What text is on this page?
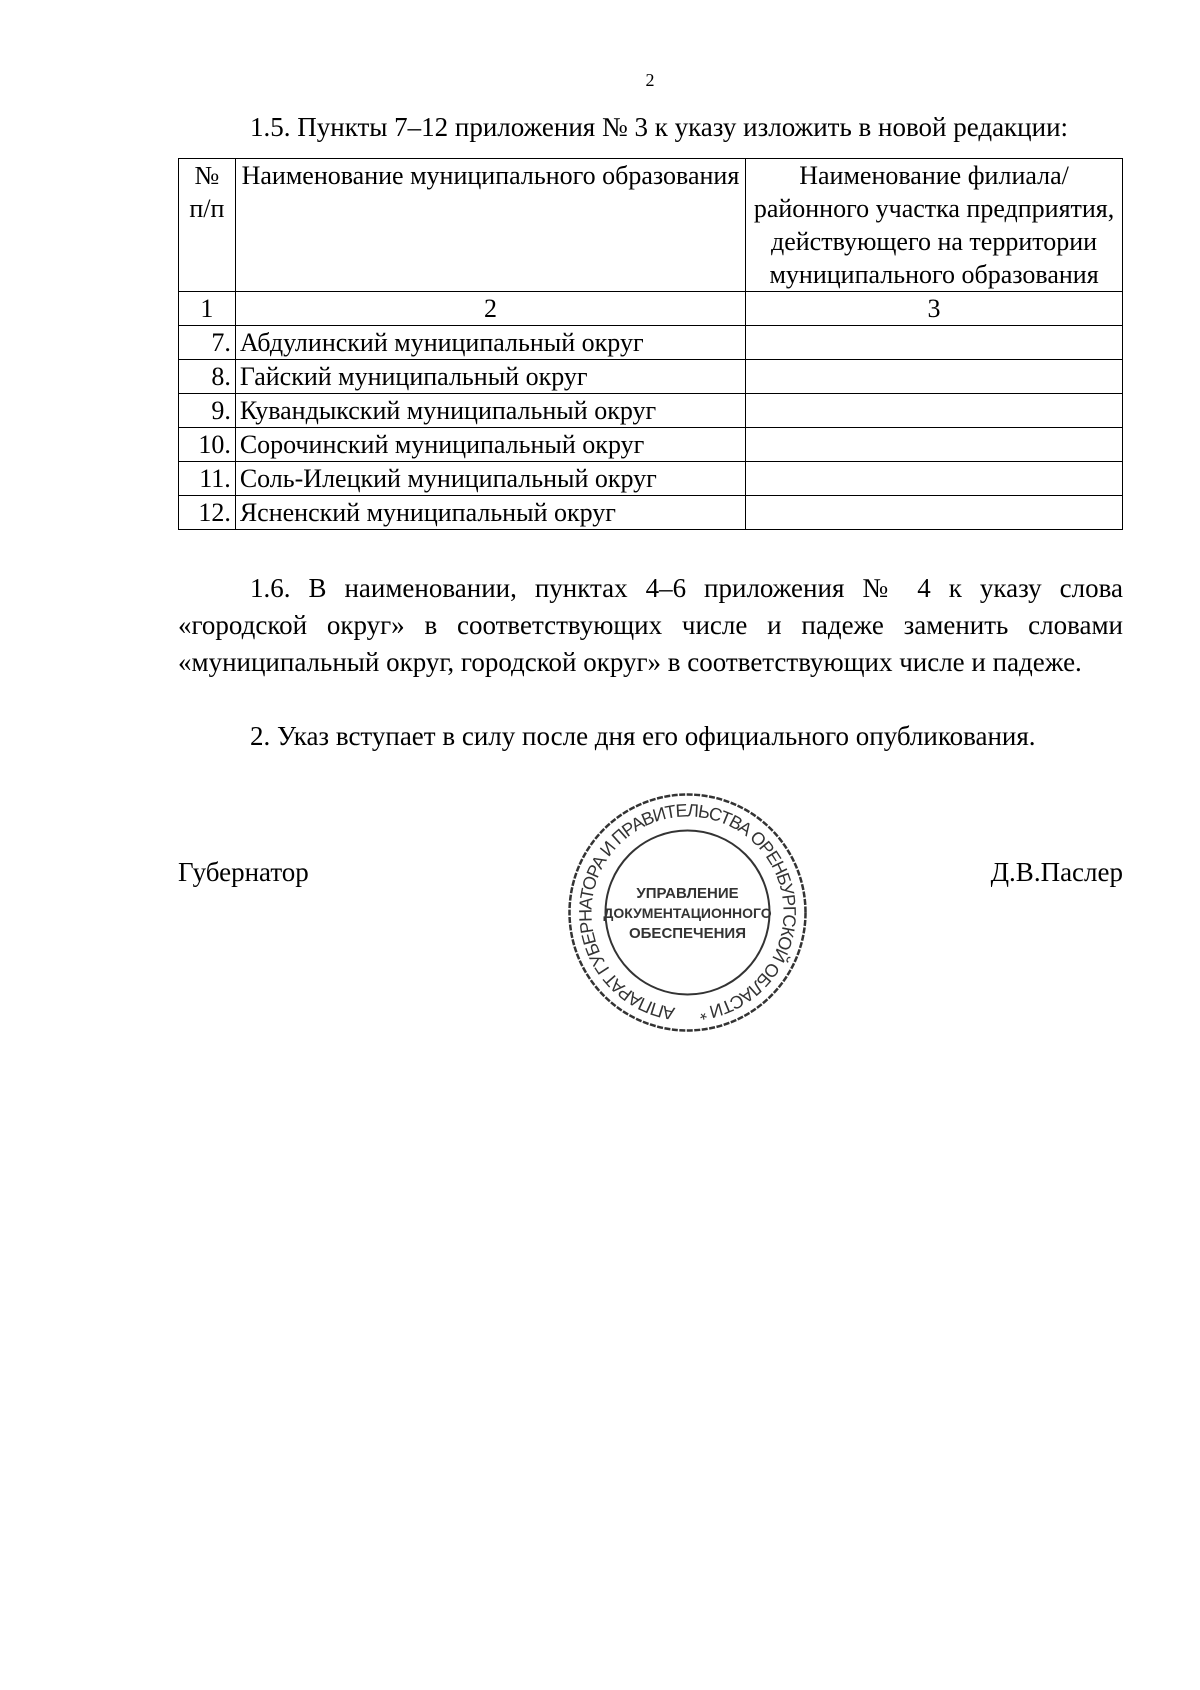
2
1.5. Пункты 7–12 приложения № 3 к указу изложить в новой редакции:
№ п/п	Наименование муниципального образования	Наименование филиала/районного участка предприятия, действующего на территории муниципального образования
1	2	3
7.	Абдулинский муниципальный округ	
8.	Гайский муниципальный округ	
9.	Кувандыкский муниципальный округ	
10.	Сорочинский муниципальный округ	
11.	Соль-Илецкий муниципальный округ	
12.	Ясненский муниципальный округ	
1.6. В наименовании, пунктах 4–6 приложения № 4 к указу слова «городской округ» в соответствующих числе и падеже заменить словами «муниципальный округ, городской округ» в соответствующих числе и падеже.
2. Указ вступает в силу после дня его официального опубликования.
Губернатор	Д.В.Паслер
АППАРАТ ГУБЕРНАТОРА И ПРАВИТЕЛЬСТВА ОРЕНБУРГСКОЙ ОБЛАСТИ *
УПРАВЛЕНИЕ
ДОКУМЕНТАЦИОННОГО
ОБЕСПЕЧЕНИЯ
